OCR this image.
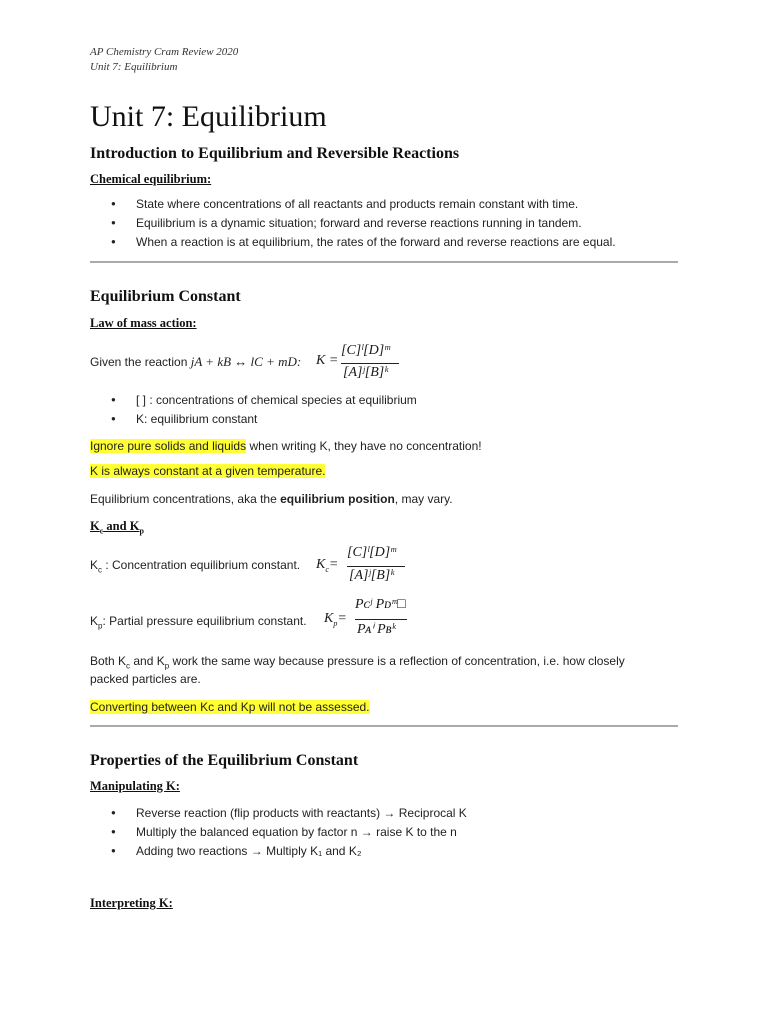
AP Chemistry Cram Review 2020
Unit 7: Equilibrium
Unit 7: Equilibrium
Introduction to Equilibrium and Reversible Reactions
Chemical equilibrium:
● State where concentrations of all reactants and products remain constant with time.
● Equilibrium is a dynamic situation; forward and reverse reactions running in tandem.
● When a reaction is at equilibrium, the rates of the forward and reverse reactions are equal.
Equilibrium Constant
Law of mass action:
Given the reaction jA + kB ↔ lC + mD: K =
[C]ˡ[D]ᵐ
[A]ʲ[B]ᵏ
● [ ] : concentrations of chemical species at equilibrium
● K: equilibrium constant
Ignore pure solids and liquids when writing K, they have no concentration!
K is always constant at a given temperature.
Equilibrium concentrations, aka the equilibrium position, may vary.
$K_c$ and $K_p$
$K_c$ : Concentration equilibrium constant. $K_c=$
[C]ˡ[D]ᵐ
[A]ʲ[B]ᵏ
$K_p$: Partial pressure equilibrium constant. $K_p=$
Pᴄʲ Pᴅᵐ□
Pᴀⁱ Pʙᵏ
Both $K_c$ and $K_p$ work the same way because pressure is a reflection of concentration, i.e. how closely
packed particles are.
Converting between Kc and Kp will not be assessed.
Properties of the Equilibrium Constant
Manipulating K:
● Reverse reaction (flip products with reactants) → Reciprocal K
● Multiply the balanced equation by factor n → raise K to the n
● Adding two reactions → Multiply K₁ and K₂
Interpreting K:
